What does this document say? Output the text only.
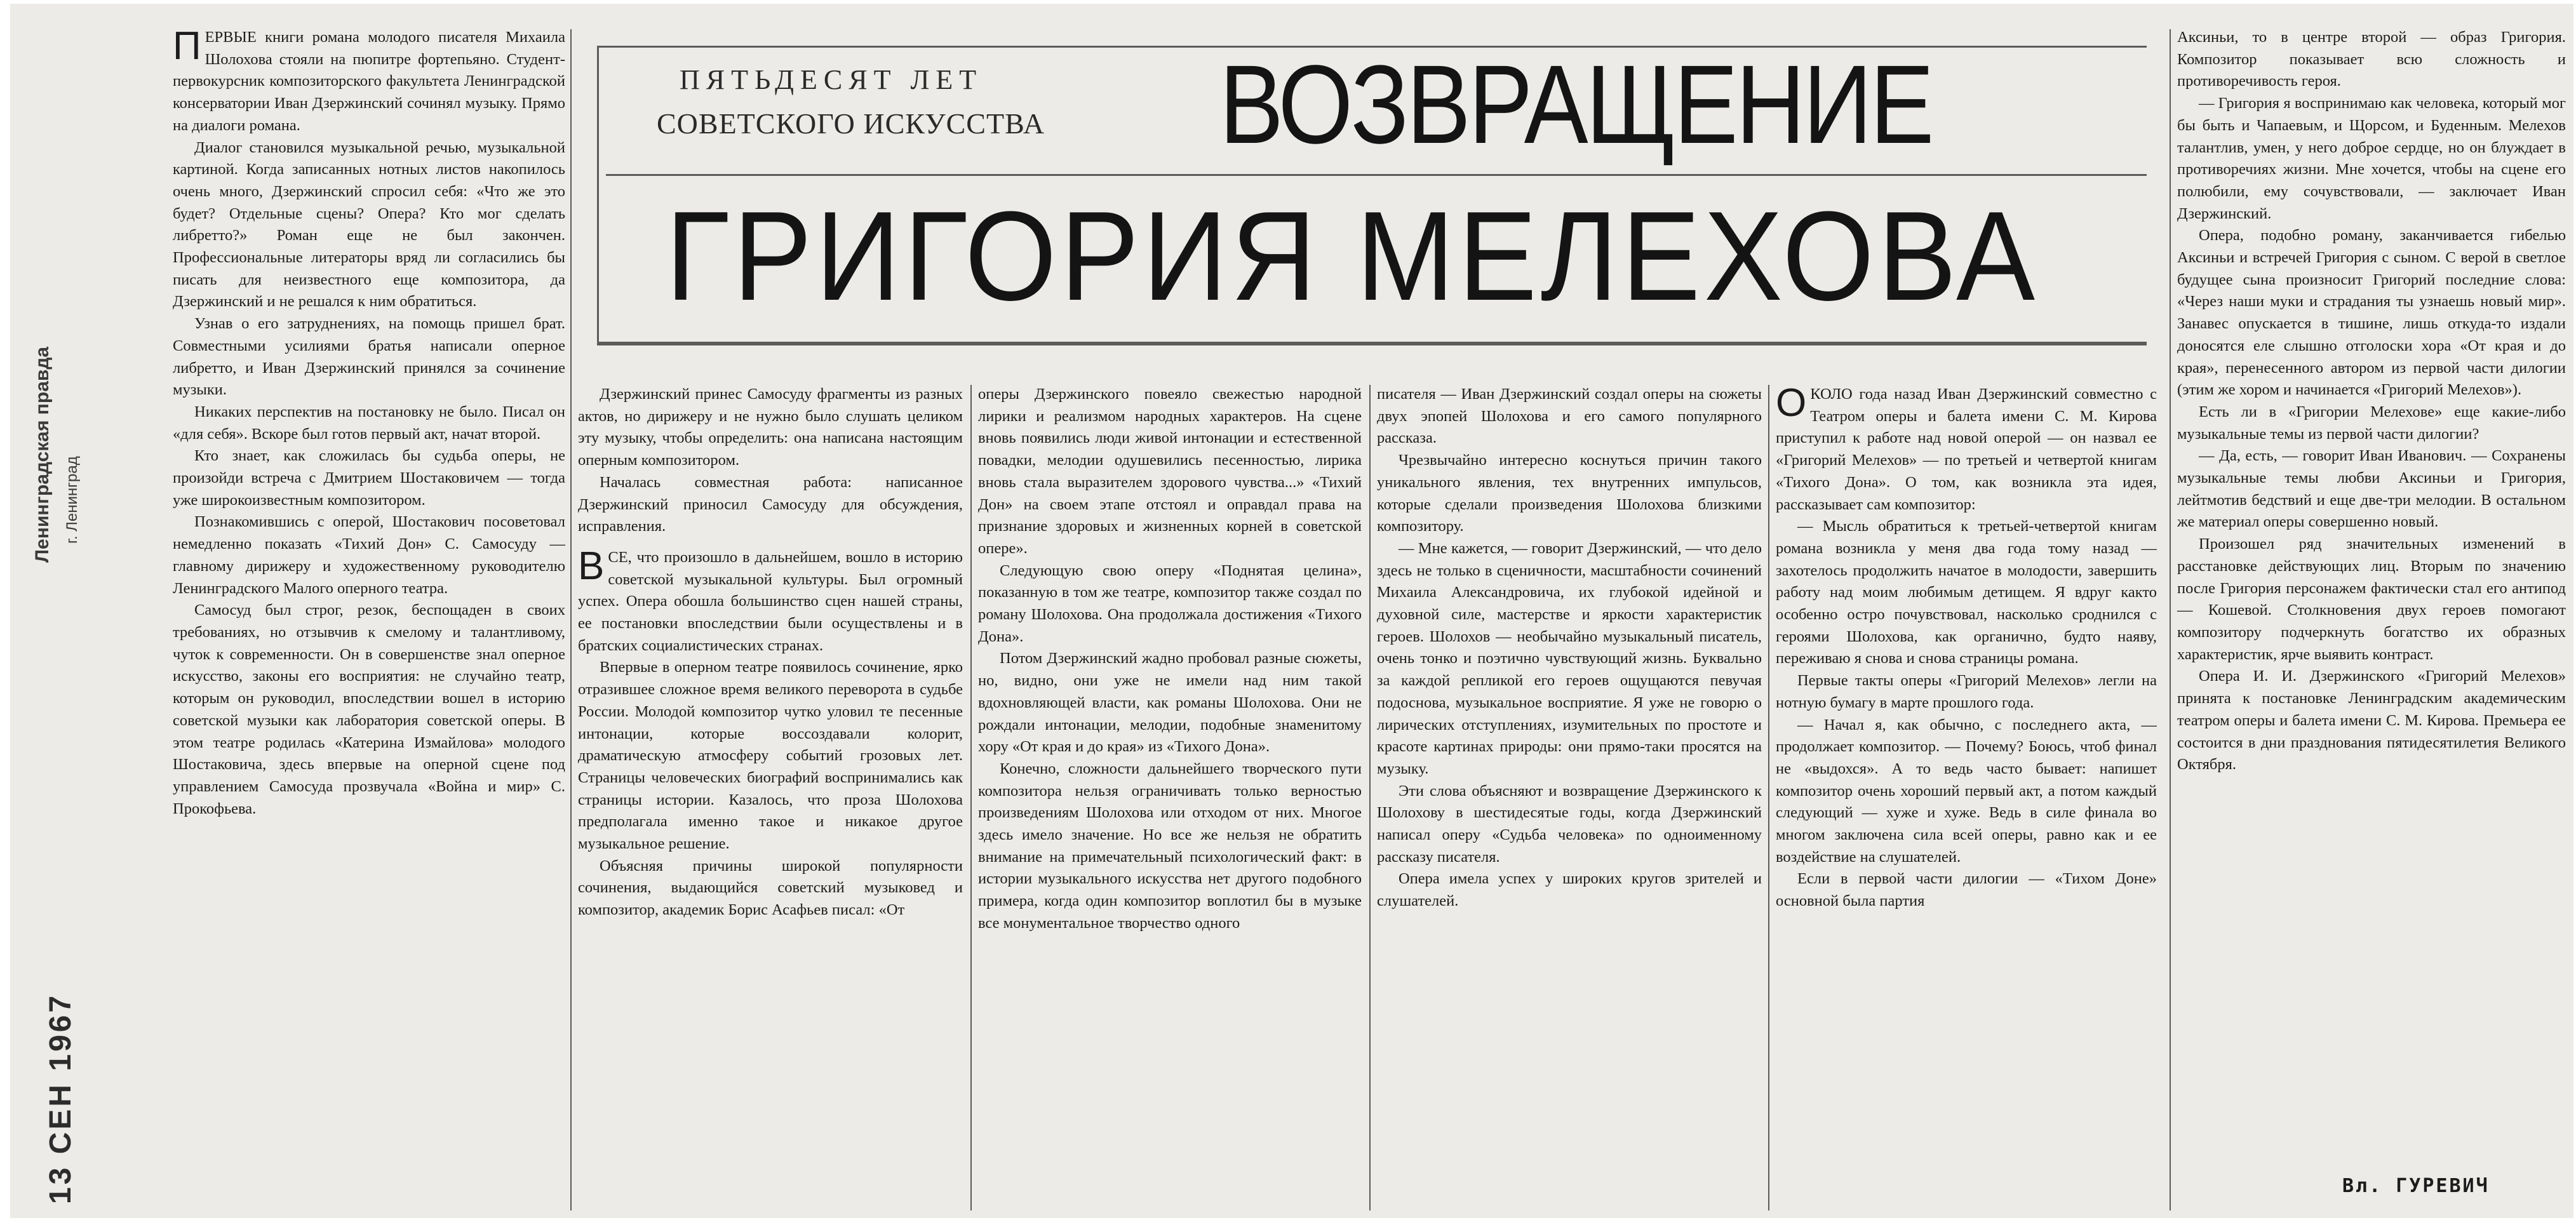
Ленинградская правда г. Ленинград
13 СЕН 1967

ПЕРВЫЕ книги романа молодого писателя Михаила Шолохова стояли на пюпитре фортепьяно. Студент-первокурсник композиторского факультета Ленинградской консерватории Иван Дзержинский сочинял музыку. Прямо на диалоги романа.

Диалог становился музыкальной речью, музыкальной картиной. Когда записанных нотных листов накопилось очень много, Дзержинский спросил себя: «Что же это будет? Отдельные сцены? Опера? Кто мог сделать либретто?» Роман еще не был закончен. Профессиональные литераторы вряд ли согласились бы писать для неизвестного еще композитора, да Дзержинский и не решался к ним обратиться.

Узнав о его затруднениях, на помощь пришел брат. Совместными усилиями братья написали оперное либретто, и Иван Дзержинский принялся за сочинение музыки.

Никаких перспектив на постановку не было. Писал он «для себя». Вскоре был готов первый акт, начат второй.

Кто знает, как сложилась бы судьба оперы, не произойди встреча с Дмитрием Шостаковичем — тогда уже широкоизвестным композитором.

Познакомившись с оперой, Шостакович посоветовал немедленно показать «Тихий Дон» С. Самосуду — главному дирижеру и художественному руководителю Ленинградского Малого оперного театра.

Самосуд был строг, резок, беспощаден в своих требованиях, но отзывчив к смелому и талантливому, чуток к современности. Он в совершенстве знал оперное искусство, законы его восприятия: не случайно театр, которым он руководил, впоследствии вошел в историю советской музыки как лаборатория советской оперы. В этом театре родилась «Катерина Измайлова» молодого Шостаковича, здесь впервые на оперной сцене под управлением Самосуда прозвучала «Война и мир» С. Прокофьева.

ПЯТЬДЕСЯТ ЛЕТ
СОВЕТСКОГО ИСКУССТВА ВОЗВРАЩЕНИЕ
ГРИГОРИЯ МЕЛЕХОВА

Дзержинский принес Самосуду фрагменты из разных актов, но дирижеру и не нужно было слушать целиком эту музыку, чтобы определить: она написана настоящим оперным композитором.

Началась совместная работа: написанное Дзержинский приносил Самосуду для обсуждения, исправления.

ВСЕ, что произошло в дальнейшем, вошло в историю советской музыкальной культуры. Был огромный успех. Опера обошла большинство сцен нашей страны, ее постановки впоследствии были осуществлены и в братских социалистических странах.

Впервые в оперном театре появилось сочинение, ярко отразившее сложное время великого переворота в судьбе России. Молодой композитор чутко уловил те песенные интонации, которые воссоздавали колорит, драматическую атмосферу событий грозовых лет. Страницы человеческих биографий воспринимались как страницы истории. Казалось, что проза Шолохова предполагала именно такое и никакое другое музыкальное решение.

Объясняя причины широкой популярности сочинения, выдающийся советский музыковед и композитор, академик Борис Асафьев писал: «От

оперы Дзержинского повеяло свежестью народной лирики и реализмом народных характеров. На сцене вновь появились люди живой интонации и естественной повадки, мелодии одушевились песенностью, лирика вновь стала выразителем здорового чувства...» «Тихий Дон» на своем этапе отстоял и оправдал права на признание здоровых и жизненных корней в советской опере».

Следующую свою оперу «Поднятая целина», показанную в том же театре, композитор также создал по роману Шолохова. Она продолжала достижения «Тихого Дона».

Потом Дзержинский жадно пробовал разные сюжеты, но, видно, они уже не имели над ним такой вдохновляющей власти, как романы Шолохова. Они не рождали интонации, мелодии, подобные знаменитому хору «От края и до края» из «Тихого Дона».

Конечно, сложности дальнейшего творческого пути композитора нельзя ограничивать только верностью произведениям Шолохова или отходом от них. Многое здесь имело значение. Но все же нельзя не обратить внимание на примечательный психологический факт: в истории музыкального искусства нет другого подобного примера, когда один композитор воплотил бы в музыке все монументальное творчество одного

писателя — Иван Дзержинский создал оперы на сюжеты двух эпопей Шолохова и его самого популярного рассказа.

Чрезвычайно интересно коснуться причин такого уникального явления, тех внутренних импульсов, которые сделали произведения Шолохова близкими композитору.

— Мне кажется, — говорит Дзержинский, — что дело здесь не только в сценичности, масштабности сочинений Михаила Александровича, их глубокой идейной и духовной силе, мастерстве и яркости характеристик героев. Шолохов — необычайно музыкальный писатель, очень тонко и поэтично чувствующий жизнь. Буквально за каждой репликой его героев ощущаются певучая подосновa, музыкальное восприятие. Я уже не говорю о лирических отступлениях, изумительных по простоте и красоте картинах природы: они прямо-таки просятся на музыку.

Эти слова объясняют и возвращение Дзержинского к Шолохову в шестидесятые годы, когда Дзержинский написал оперу «Судьба человека» по одноименному рассказу писателя.

Опера имела успех у широких кругов зрителей и слушателей.

ОКОЛО года назад Иван Дзержинский совместно с Театром оперы и балета имени С. М. Кирова приступил к работе над новой оперой — он назвал ее «Григорий Мелехов» — по третьей и четвертой книгам «Тихого Дона». О том, как возникла эта идея, рассказывает сам композитор:

— Мысль обратиться к третьей-четвертой книгам романа возникла у меня два года тому назад — захотелось продолжить начатое в молодости, завершить работу над моим любимым детищем. Я вдруг както особенно остро почувствовал, насколько сроднился с героями Шолохова, как органично, будто наяву, переживаю я снова и снова страницы романа.

Первые такты оперы «Григорий Мелехов» легли на нотную бумагу в марте прошлого года.

— Начал я, как обычно, с последнего акта, — продолжает композитор. — Почему? Боюсь, чтоб финал не «выдохся». А то ведь часто бывает: напишет композитор очень хороший первый акт, а потом каждый следующий — хуже и хуже. Ведь в силе финала во многом заключена сила всей оперы, равно как и ее воздействие на слушателей.

Если в первой части дилогии — «Тихом Доне» основной была партия

Аксиньи, то в центре второй — образ Григория. Композитор показывает всю сложность и противоречивость героя.

— Григория я воспринимаю как человека, который мог бы быть и Чапаевым, и Щорсом, и Буденным. Мелехов талантлив, умен, у него доброе сердце, но он блуждает в противоречиях жизни. Мне хочется, чтобы на сцене его полюбили, ему сочувствовали, — заключает Иван Дзержинский.

Опера, подобно роману, заканчивается гибелью Аксиньи и встречей Григория с сыном. С верой в светлое будущее сына произносит Григорий последние слова: «Через наши муки и страдания ты узнаешь новый мир». Занавес опускается в тишине, лишь откуда-то издали доносятся еле слышно отголоски хора «От края и до края», перенесенного автором из первой части дилогии (этим же хором и начинается «Григорий Мелехов»).

Есть ли в «Григории Мелехове» еще какие-либо музыкальные темы из первой части дилогии?

— Да, есть, — говорит Иван Иванович. — Сохранены музыкальные темы любви Аксиньи и Григория, лейтмотив бедствий и еще две-три мелодии. В остальном же материал оперы совершенно новый.

Произошел ряд значительных изменений в расстановке действующих лиц. Вторым по значению после Григория персонажем фактически стал его антипод — Кошевой. Столкновения двух героев помогают композитору подчеркнуть богатство их образных характеристик, ярче выявить контраст.

Опера И. И. Дзержинского «Григорий Мелехов» принята к постановке Ленинградским академическим театром оперы и балета имени С. М. Кирова. Премьера ее состоится в дни празднования пятидесятилетия Великого Октября.

Вл. ГУРЕВИЧ
